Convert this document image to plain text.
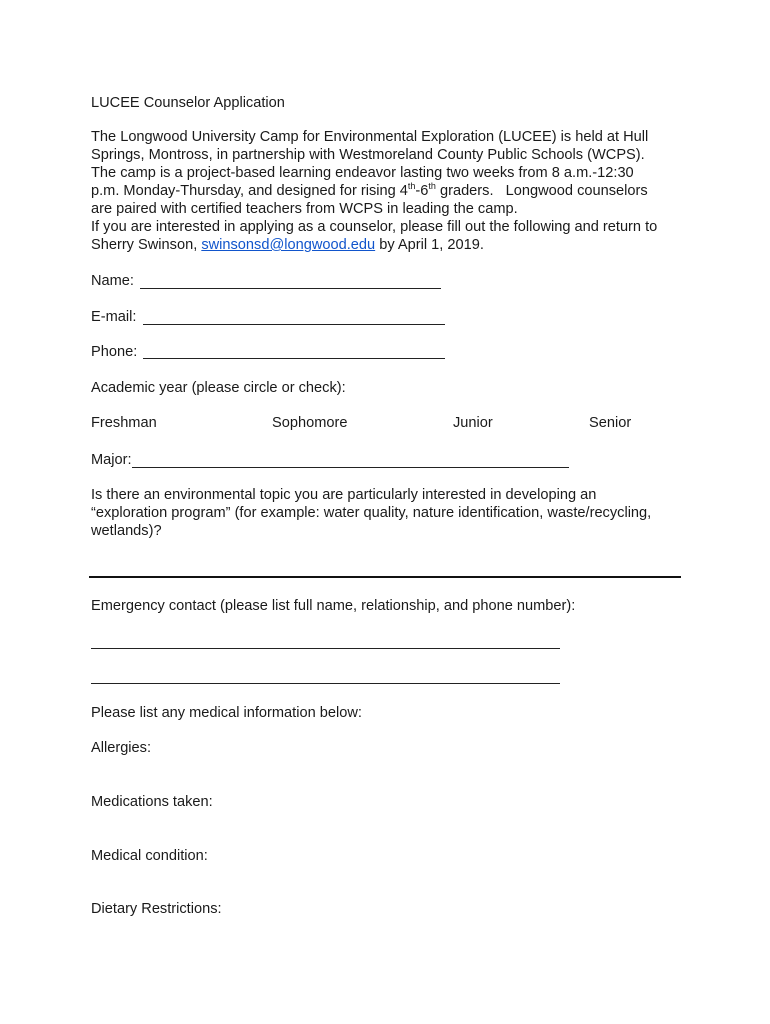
LUCEE Counselor Application
The Longwood University Camp for Environmental Exploration (LUCEE) is held at Hull
Springs, Montross, in partnership with Westmoreland County Public Schools (WCPS).
The camp is a project-based learning endeavor lasting two weeks from 8 a.m.-12:30
p.m. Monday-Thursday, and designed for rising 4th-6th graders.   Longwood counselors
are paired with certified teachers from WCPS in leading the camp.
If you are interested in applying as a counselor, please fill out the following and return to
Sherry Swinson, swinsonsd@longwood.edu by April 1, 2019.
Name:
E-mail:
Phone:
Academic year (please circle or check):
Freshman	Sophomore	Junior	Senior
Major:
Is there an environmental topic you are particularly interested in developing an
“exploration program” (for example: water quality, nature identification, waste/recycling,
wetlands)?
Emergency contact (please list full name, relationship, and phone number):
Please list any medical information below:
Allergies:
Medications taken:
Medical condition:
Dietary Restrictions:
